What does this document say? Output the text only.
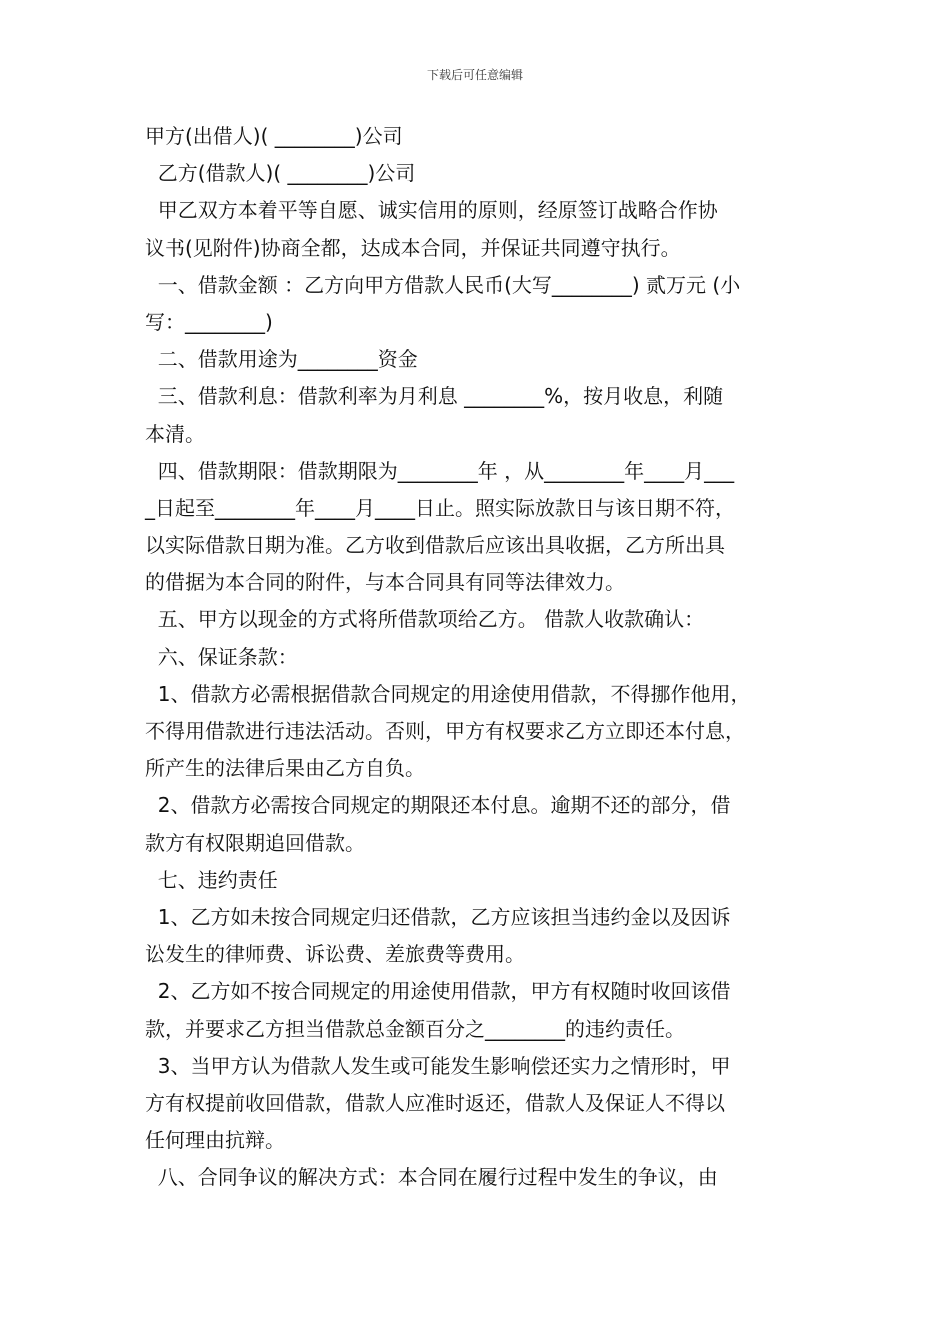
下载后可任意编辑
甲方(出借人)( ________)公司
乙方(借款人)( ________)公司
甲乙双方本着平等自愿、诚实信用的原则，经原签订战略合作协
议书(见附件)协商全都，达成本合同，并保证共同遵守执行。
一、借款金额 ：乙方向甲方借款人民币(大写________) 贰万元 (小
写：________)
二、借款用途为________资金
三、借款利息：借款利率为月利息 ________%，按月收息，利随
本清。
四、借款期限：借款期限为________年 ，从________年____月___
_日起至________年____月____日止。照实际放款日与该日期不符，
以实际借款日期为准。乙方收到借款后应该出具收据，乙方所出具
的借据为本合同的附件，与本合同具有同等法律效力。
五、甲方以现金的方式将所借款项给乙方。 借款人收款确认：
六、保证条款：
1、借款方必需根据借款合同规定的用途使用借款，不得挪作他用，
不得用借款进行违法活动。否则，甲方有权要求乙方立即还本付息，
所产生的法律后果由乙方自负。
2、借款方必需按合同规定的期限还本付息。逾期不还的部分，借
款方有权限期追回借款。
七、违约责任
1、乙方如未按合同规定归还借款，乙方应该担当违约金以及因诉
讼发生的律师费、诉讼费、差旅费等费用。
2、乙方如不按合同规定的用途使用借款，甲方有权随时收回该借
款，并要求乙方担当借款总金额百分之________的违约责任。
3、当甲方认为借款人发生或可能发生影响偿还实力之情形时，甲
方有权提前收回借款，借款人应准时返还，借款人及保证人不得以
任何理由抗辩。
八、合同争议的解决方式：本合同在履行过程中发生的争议，由
